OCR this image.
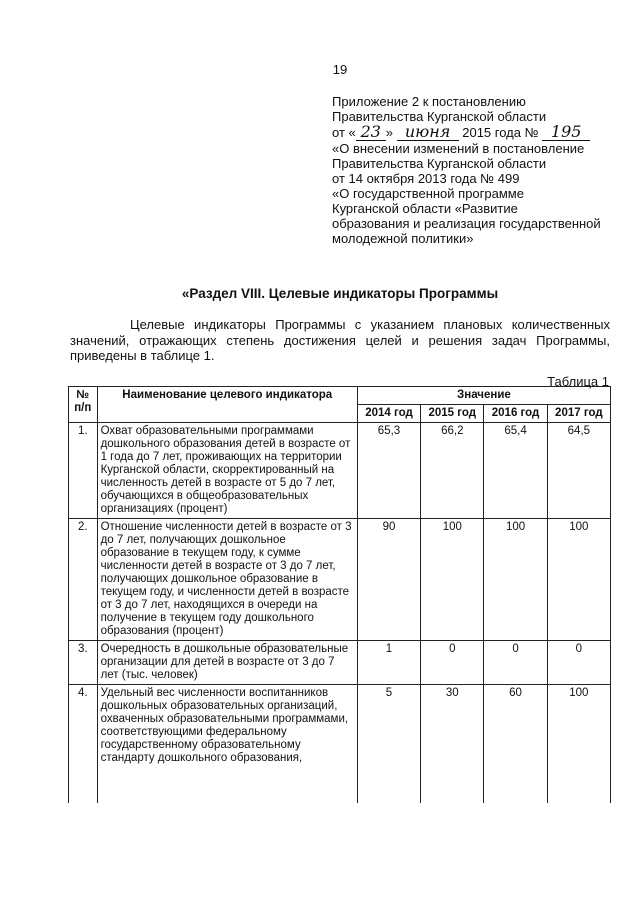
19
Приложение 2 к постановлению
Правительства Курганской области
от « 23 » июня 2015 года № 195
«О внесении изменений в постановление
Правительства Курганской области
от 14 октября 2013 года № 499
«О государственной программе
Курганской области «Развитие
образования и реализация государственной
молодежной политики»
«Раздел VIII. Целевые индикаторы Программы

Целевые индикаторы Программы с указанием плановых количественных значений, отражающих степень достижения целей и решения задач Программы, приведены в таблице 1.

Таблица 1
№ п/п	Наименование целевого индикатора	Значение			
		2014 год	2015 год	2016 год	2017 год
1.	Охват образовательными программами дошкольного образования детей в возрасте от 1 года до 7 лет, проживающих на территории Курганской области, скорректированный на численность детей в возрасте от 5 до 7 лет, обучающихся в общеобразовательных организациях (процент)	65,3	66,2	65,4	64,5
2.	Отношение численности детей в возрасте от 3 до 7 лет, получающих дошкольное образование в текущем году, к сумме численности детей в возрасте от 3 до 7 лет, получающих дошкольное образование в текущем году, и численности детей в возрасте от 3 до 7 лет, находящихся в очереди на получение в текущем году дошкольного образования (процент)	90	100	100	100
3.	Очередность в дошкольные образовательные организации для детей в возрасте от 3 до 7 лет (тыс. человек)	1	0	0	0
4.	Удельный вес численности воспитанников дошкольных образовательных организаций, охваченных образовательными программами, соответствующими федеральному государственному образовательному стандарту дошкольного образования,	5	30	60	100
